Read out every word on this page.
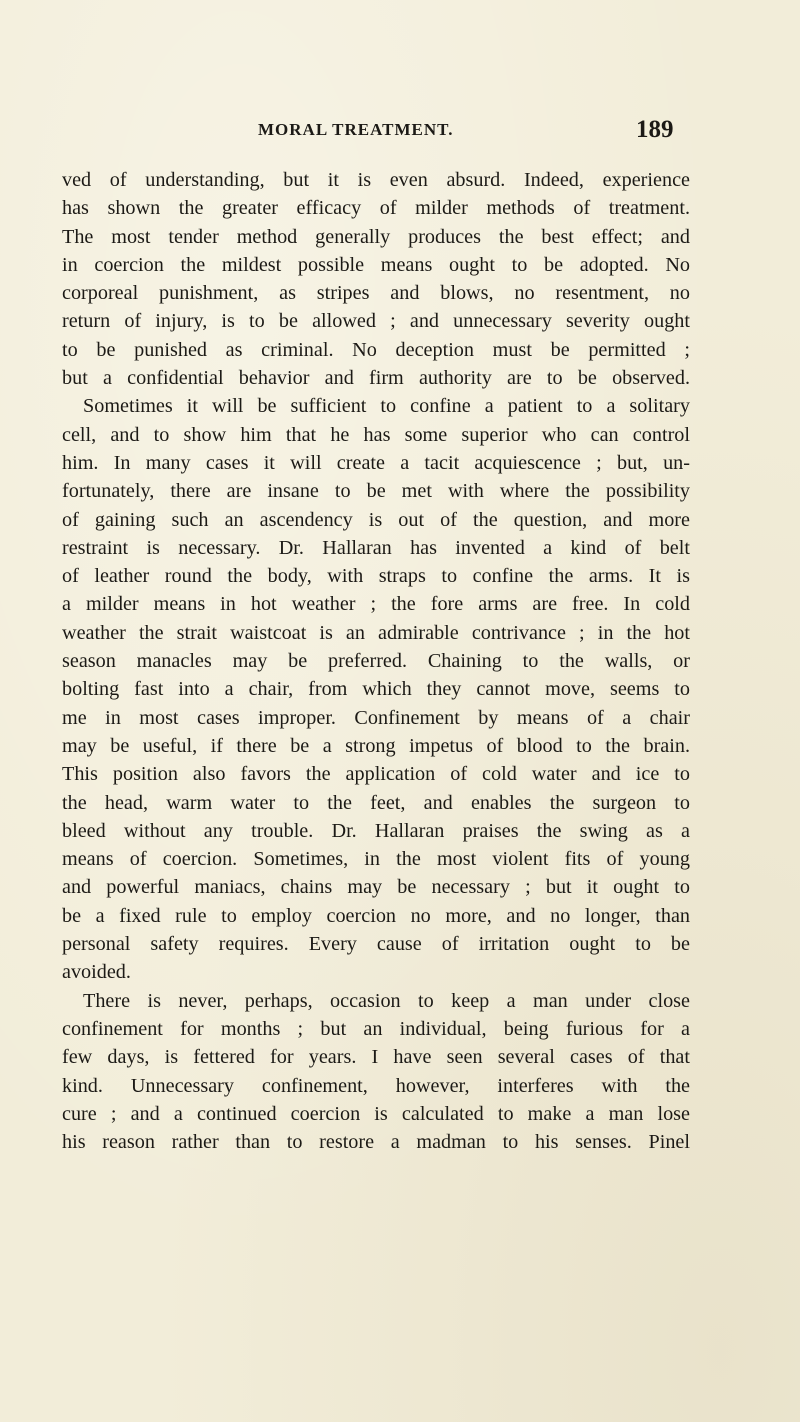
MORAL TREATMENT.	189
ved of understanding, but it is even absurd. Indeed, experience
has shown the greater efficacy of milder methods of treatment.
The most tender method generally produces the best effect; and
in coercion the mildest possible means ought to be adopted. No
corporeal punishment, as stripes and blows, no resentment, no
return of injury, is to be allowed ; and unnecessary severity ought
to be punished as criminal. No deception must be permitted ;
but a confidential behavior and firm authority are to be observed.
Sometimes it will be sufficient to confine a patient to a solitary
cell, and to show him that he has some superior who can control
him. In many cases it will create a tacit acquiescence ; but, un-
fortunately, there are insane to be met with where the possibility
of gaining such an ascendency is out of the question, and more
restraint is necessary. Dr. Hallaran has invented a kind of belt
of leather round the body, with straps to confine the arms. It is
a milder means in hot weather ; the fore arms are free. In cold
weather the strait waistcoat is an admirable contrivance ; in the hot
season manacles may be preferred. Chaining to the walls, or
bolting fast into a chair, from which they cannot move, seems to
me in most cases improper. Confinement by means of a chair
may be useful, if there be a strong impetus of blood to the brain.
This position also favors the application of cold water and ice to
the head, warm water to the feet, and enables the surgeon to
bleed without any trouble. Dr. Hallaran praises the swing as a
means of coercion. Sometimes, in the most violent fits of young
and powerful maniacs, chains may be necessary ; but it ought to
be a fixed rule to employ coercion no more, and no longer, than
personal safety requires. Every cause of irritation ought to be
avoided.
There is never, perhaps, occasion to keep a man under close
confinement for months ; but an individual, being furious for a
few days, is fettered for years. I have seen several cases of that
kind. Unnecessary confinement, however, interferes with the
cure ; and a continued coercion is calculated to make a man lose
his reason rather than to restore a madman to his senses. Pinel
